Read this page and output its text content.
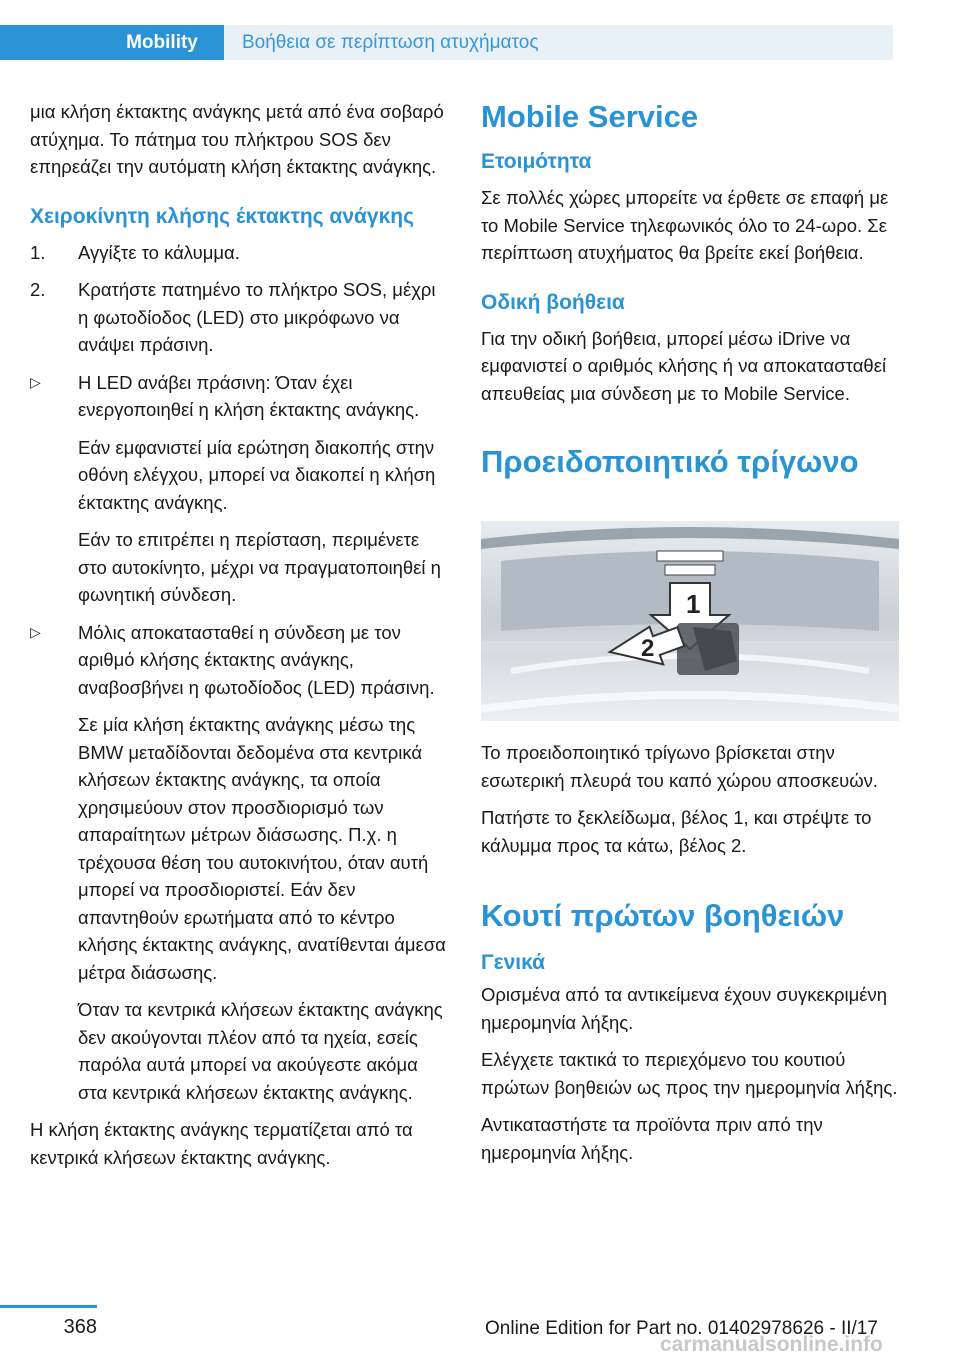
Mobility	Βοήθεια σε περίπτωση ατυχήματος

μια κλήση έκτακτης ανάγκης μετά από ένα σοβαρό ατύχημα. Το πάτημα του πλήκτρου SOS δεν επηρεάζει την αυτόματη κλήση έκτακτης ανάγκης.

Χειροκίνητη κλήσης έκτακτης ανάγκης
1.	Αγγίξτε το κάλυμμα.
2.	Κρατήστε πατημένο το πλήκτρο SOS, μέχρι η φωτοδίοδος (LED) στο μικρόφωνο να ανάψει πράσινη.
▷	Η LED ανάβει πράσινη: Όταν έχει ενεργοποιηθεί η κλήση έκτακτης ανάγκης.

Εάν εμφανιστεί μία ερώτηση διακοπής στην οθόνη ελέγχου, μπορεί να διακοπεί η κλήση έκτακτης ανάγκης.

Εάν το επιτρέπει η περίσταση, περιμένετε στο αυτοκίνητο, μέχρι να πραγματοποιηθεί η φωνητική σύνδεση.

▷	Μόλις αποκατασταθεί η σύνδεση με τον αριθμό κλήσης έκτακτης ανάγκης, αναβοσβήνει η φωτοδίοδος (LED) πράσινη.

Σε μία κλήση έκτακτης ανάγκης μέσω της BMW μεταδίδονται δεδομένα στα κεντρικά κλήσεων έκτακτης ανάγκης, τα οποία χρησιμεύουν στον προσδιορισμό των απαραίτητων μέτρων διάσωσης. Π.χ. η τρέχουσα θέση του αυτοκινήτου, όταν αυτή μπορεί να προσδιοριστεί. Εάν δεν απαντηθούν ερωτήματα από το κέντρο κλήσης έκτακτης ανάγκης, ανατίθενται άμεσα μέτρα διάσωσης.

Όταν τα κεντρικά κλήσεων έκτακτης ανάγκης δεν ακούγονται πλέον από τα ηχεία, εσείς παρόλα αυτά μπορεί να ακούγεστε ακόμα στα κεντρικά κλήσεων έκτακτης ανάγκης.

Η κλήση έκτακτης ανάγκης τερματίζεται από τα κεντρικά κλήσεων έκτακτης ανάγκης.

Mobile Service
Ετοιμότητα

Σε πολλές χώρες μπορείτε να έρθετε σε επαφή με το Mobile Service τηλεφωνικός όλο το 24-ωρο. Σε περίπτωση ατυχήματος θα βρείτε εκεί βοήθεια.

Οδική βοήθεια

Για την οδική βοήθεια, μπορεί μέσω iDrive να εμφανιστεί ο αριθμός κλήσης ή να αποκατασταθεί απευθείας μια σύνδεση με το Mobile Service.

Προειδοποιητικό τρίγωνο
1
2

Το προειδοποιητικό τρίγωνο βρίσκεται στην εσωτερική πλευρά του καπό χώρου αποσκευών.

Πατήστε το ξεκλείδωμα, βέλος 1, και στρέψτε το κάλυμμα προς τα κάτω, βέλος 2.

Κουτί πρώτων βοηθειών
Γενικά

Ορισμένα από τα αντικείμενα έχουν συγκεκριμένη ημερομηνία λήξης.

Ελέγχετε τακτικά το περιεχόμενο του κουτιού πρώτων βοηθειών ως προς την ημερομηνία λήξης.

Αντικαταστήστε τα προϊόντα πριν από την ημερομηνία λήξης.

368	Online Edition for Part no. 01402978626 - II/17
carmanualsonline.info
